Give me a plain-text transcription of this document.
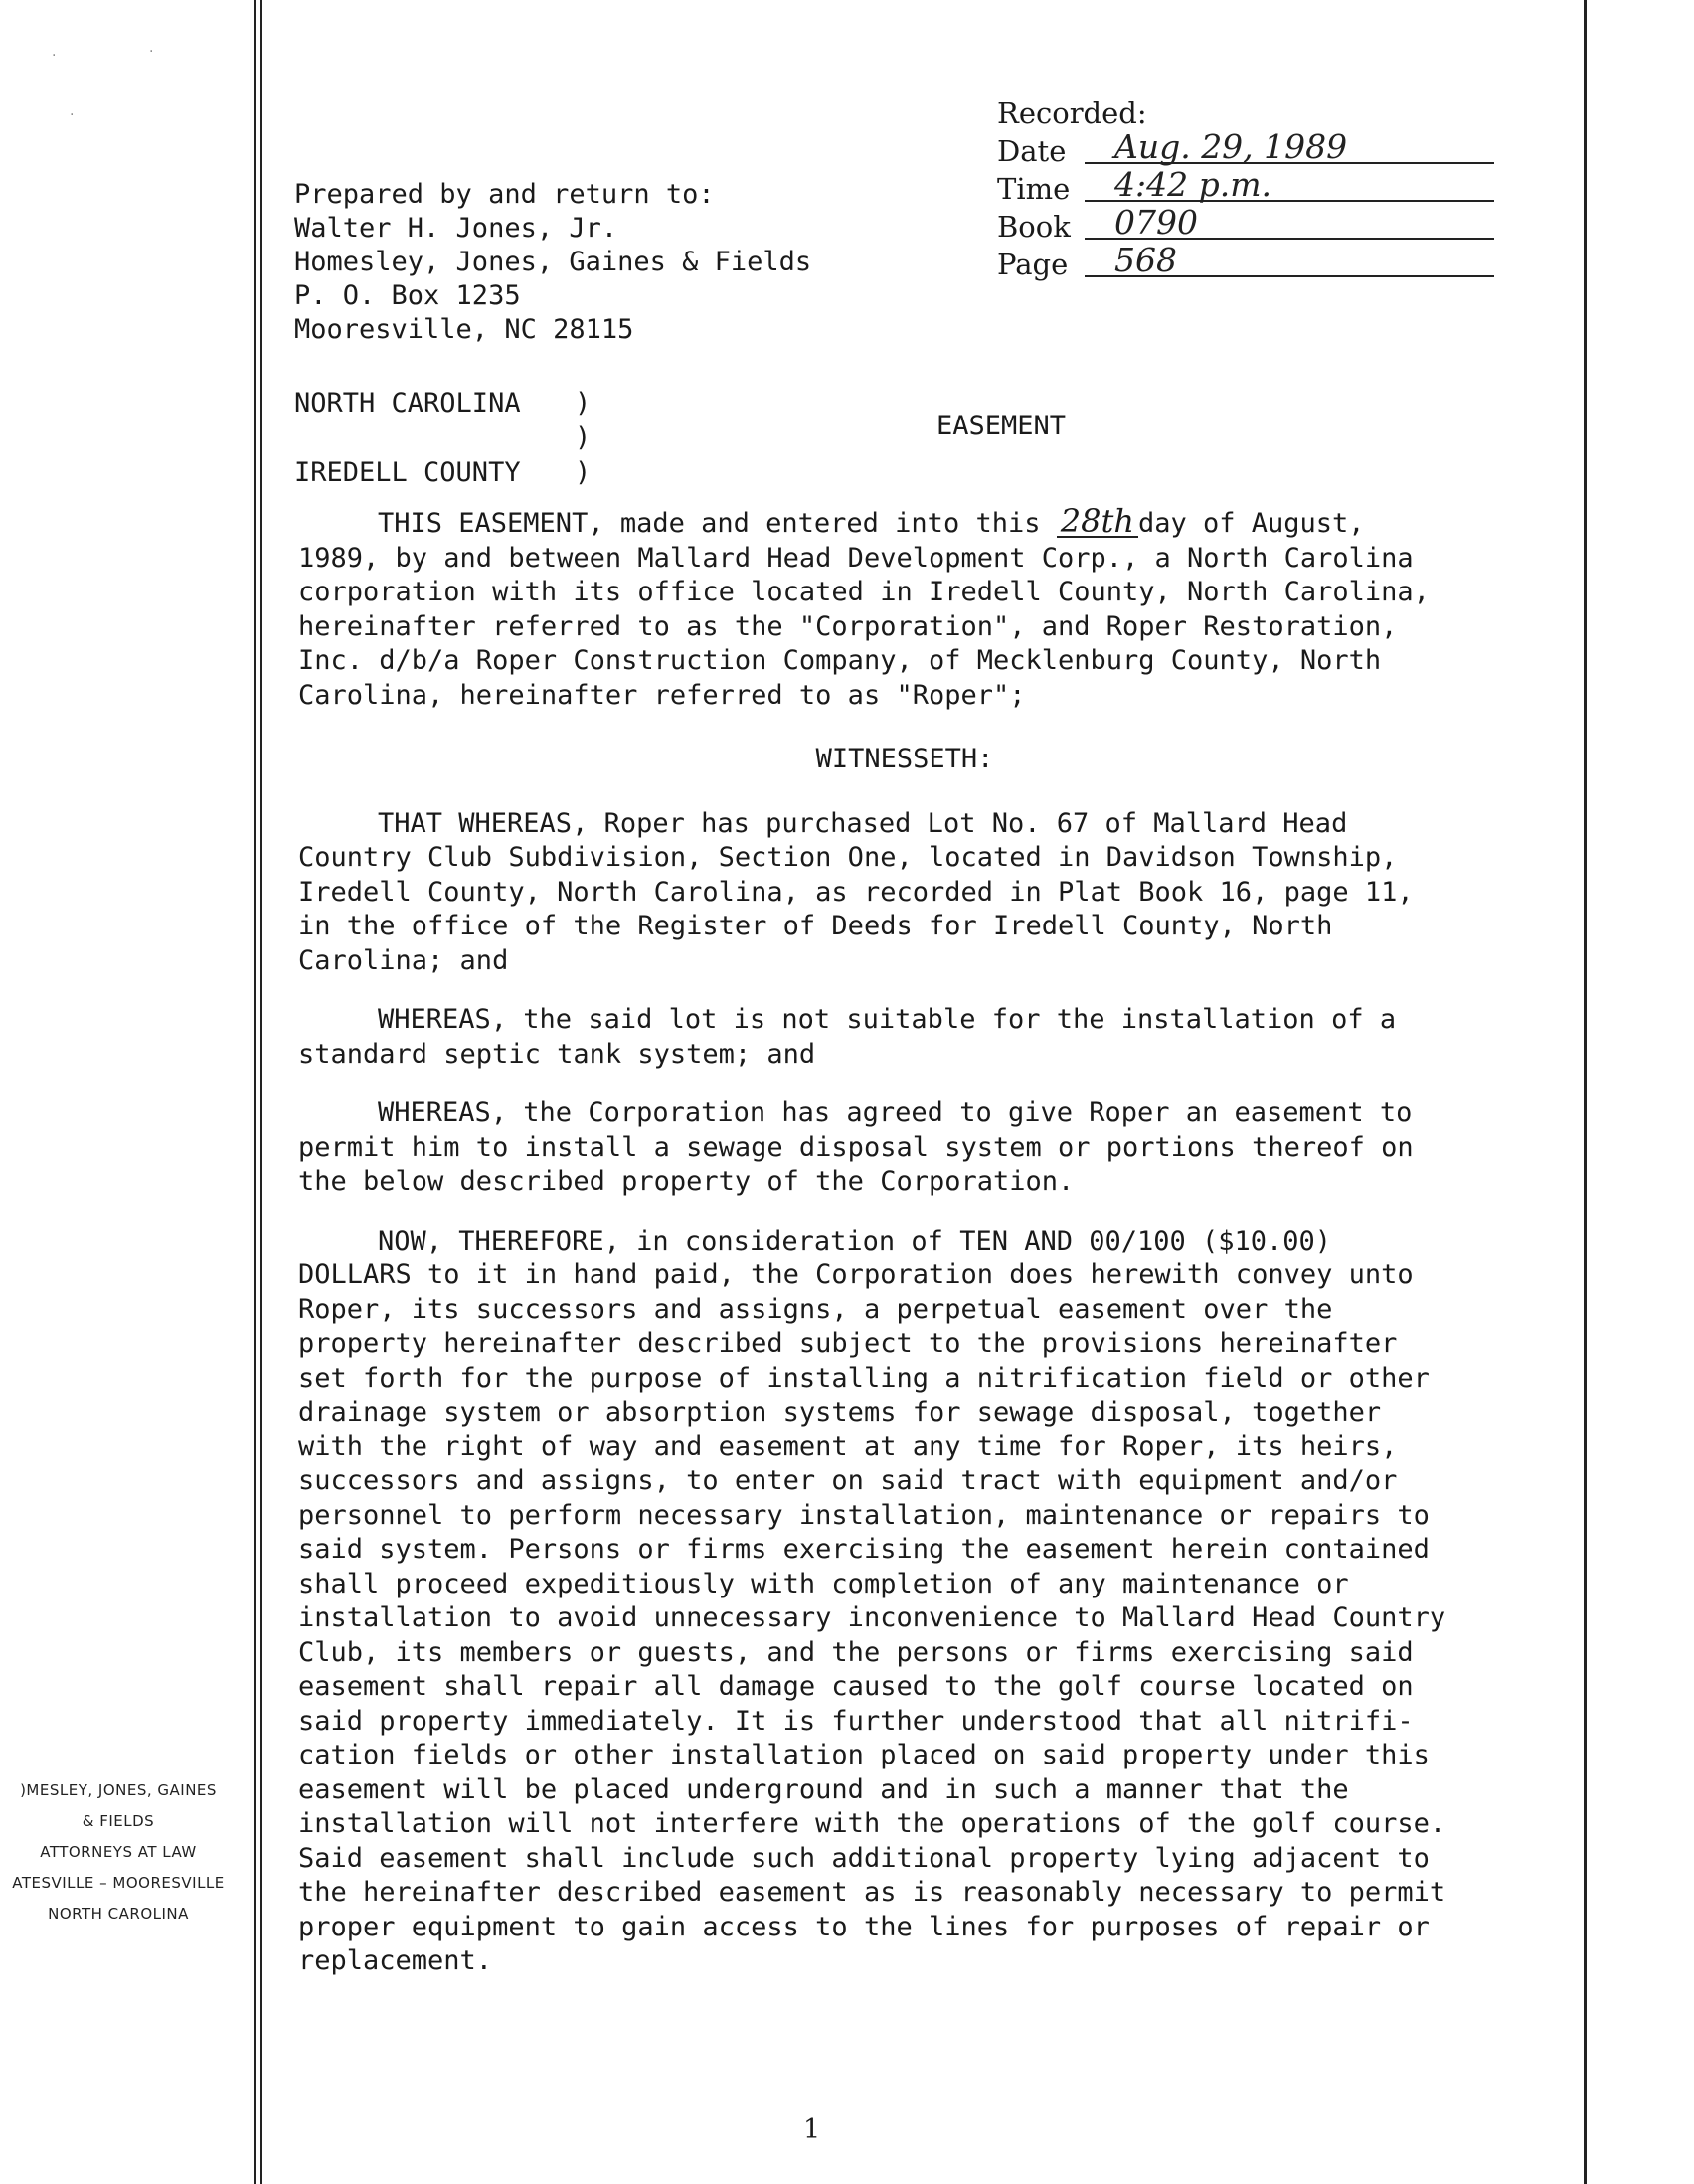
·	·
·
)MESLEY, JONES, GAINES
& FIELDS
ATTORNEYS AT LAW
ATESVILLE – MOORESVILLE
NORTH CAROLINA
Recorded:
Date Aug. 29, 1989
Time 4:42 p.m.
Book 0790
Page 568
Prepared by and return to:
Walter H. Jones, Jr.
Homesley, Jones, Gaines & Fields
P. O. Box 1235
Mooresville, NC 28115
NORTH CAROLINA	)
)
IREDELL COUNTY	)
EASEMENT
THIS EASEMENT, made and entered into this 28th day of August,
1989, by and between Mallard Head Development Corp., a North Carolina
corporation with its office located in Iredell County, North Carolina,
hereinafter referred to as the "Corporation", and Roper Restoration,
Inc. d/b/a Roper Construction Company, of Mecklenburg County, North
Carolina, hereinafter referred to as "Roper";
WITNESSETH:
THAT WHEREAS, Roper has purchased Lot No. 67 of Mallard Head
Country Club Subdivision, Section One, located in Davidson Township,
Iredell County, North Carolina, as recorded in Plat Book 16, page 11,
in the office of the Register of Deeds for Iredell County, North
Carolina; and
WHEREAS, the said lot is not suitable for the installation of a
standard septic tank system; and
WHEREAS, the Corporation has agreed to give Roper an easement to
permit him to install a sewage disposal system or portions thereof on
the below described property of the Corporation.
NOW, THEREFORE, in consideration of TEN AND 00/100 ($10.00)
DOLLARS to it in hand paid, the Corporation does herewith convey unto
Roper, its successors and assigns, a perpetual easement over the
property hereinafter described subject to the provisions hereinafter
set forth for the purpose of installing a nitrification field or other
drainage system or absorption systems for sewage disposal, together
with the right of way and easement at any time for Roper, its heirs,
successors and assigns, to enter on said tract with equipment and/or
personnel to perform necessary installation, maintenance or repairs to
said system. Persons or firms exercising the easement herein contained
shall proceed expeditiously with completion of any maintenance or
installation to avoid unnecessary inconvenience to Mallard Head Country
Club, its members or guests, and the persons or firms exercising said
easement shall repair all damage caused to the golf course located on
said property immediately. It is further understood that all nitrifi-
cation fields or other installation placed on said property under this
easement will be placed underground and in such a manner that the
installation will not interfere with the operations of the golf course.
Said easement shall include such additional property lying adjacent to
the hereinafter described easement as is reasonably necessary to permit
proper equipment to gain access to the lines for purposes of repair or
replacement.
1
